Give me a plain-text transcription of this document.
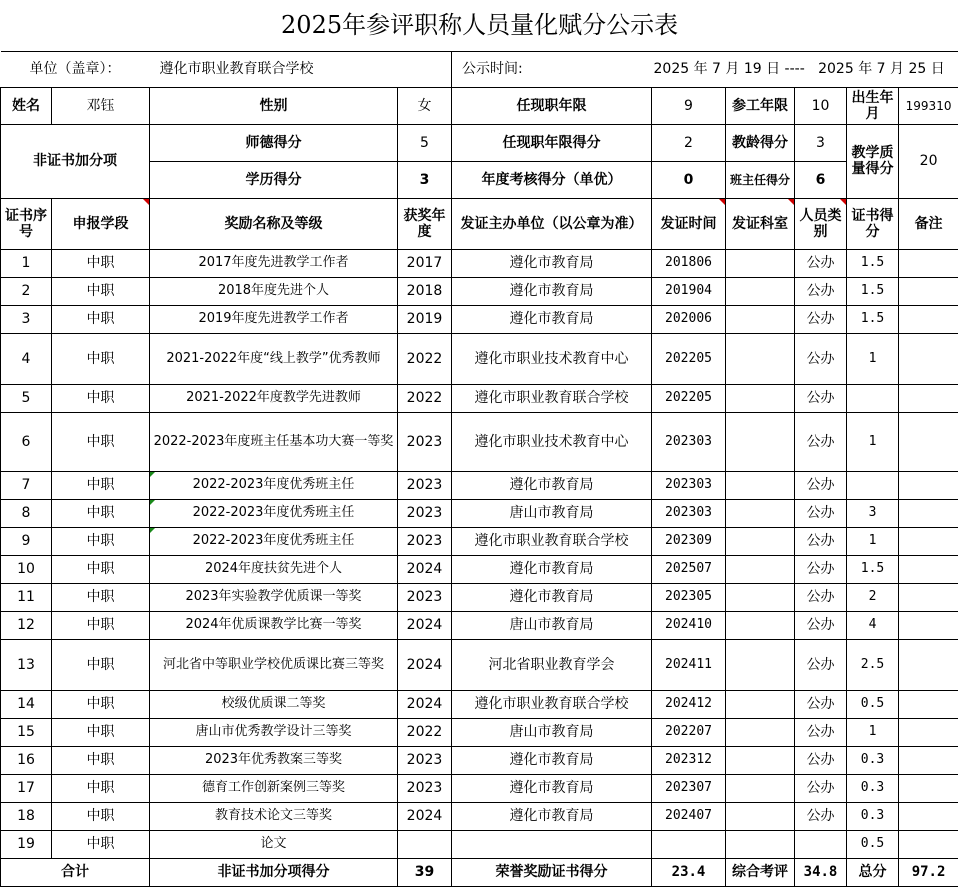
2025年参评职称人员量化赋分公示表									
单位（盖章）：		遵化市职业教育联合学校		公示时间:	2025 年 7 月 19 日 ----   2025 年 7 月 25 日				
姓名	邓钰	性别	女	任现职年限	9	参工年限	10	出生年月	199310
非证书加分项		师德得分	5	任现职年限得分	2	教龄得分	3	教学质量得分	20
		学历得分	3	年度考核得分（单优）	0	班主任得分	6		
证书序号	申报学段	奖励名称及等级	获奖年度	发证主办单位（以公章为准）	发证时间	发证科室	人员类别	证书得分	备注
1	中职	2017年度先进教学工作者	2017	遵化市教育局	201806		公办	1.5	
2	中职	2018年度先进个人	2018	遵化市教育局	201904		公办	1.5	
3	中职	2019年度先进教学工作者	2019	遵化市教育局	202006		公办	1.5	
4	中职	2021-2022年度“线上教学”优秀教师	2022	遵化市职业技术教育中心	202205		公办	1	
5	中职	2021-2022年度教学先进教师	2022	遵化市职业教育联合学校	202205		公办		
6	中职	2022-2023年度班主任基本功大赛一等奖	2023	遵化市职业技术教育中心	202303		公办	1	
7	中职	2022-2023年度优秀班主任	2023	遵化市教育局	202303		公办		
8	中职	2022-2023年度优秀班主任	2023	唐山市教育局	202303		公办	3	
9	中职	2022-2023年度优秀班主任	2023	遵化市职业教育联合学校	202309		公办	1	
10	中职	2024年度扶贫先进个人	2024	遵化市教育局	202507		公办	1.5	
11	中职	2023年实验教学优质课一等奖	2023	遵化市教育局	202305		公办	2	
12	中职	2024年优质课教学比赛一等奖	2024	唐山市教育局	202410		公办	4	
13	中职	河北省中等职业学校优质课比赛三等奖	2024	河北省职业教育学会	202411		公办	2.5	
14	中职	校级优质课二等奖	2024	遵化市职业教育联合学校	202412		公办	0.5	
15	中职	唐山市优秀教学设计三等奖	2022	唐山市教育局	202207		公办	1	
16	中职	2023年优秀教案三等奖	2023	遵化市教育局	202312		公办	0.3	
17	中职	德育工作创新案例三等奖	2023	遵化市教育局	202307		公办	0.3	
18	中职	教育技术论文三等奖	2024	遵化市教育局	202407		公办	0.3	
19	中职	论文						0.5	
合计		非证书加分项得分	39	荣誉奖励证书得分	23.4	综合考评	34.8	总分	97.2
